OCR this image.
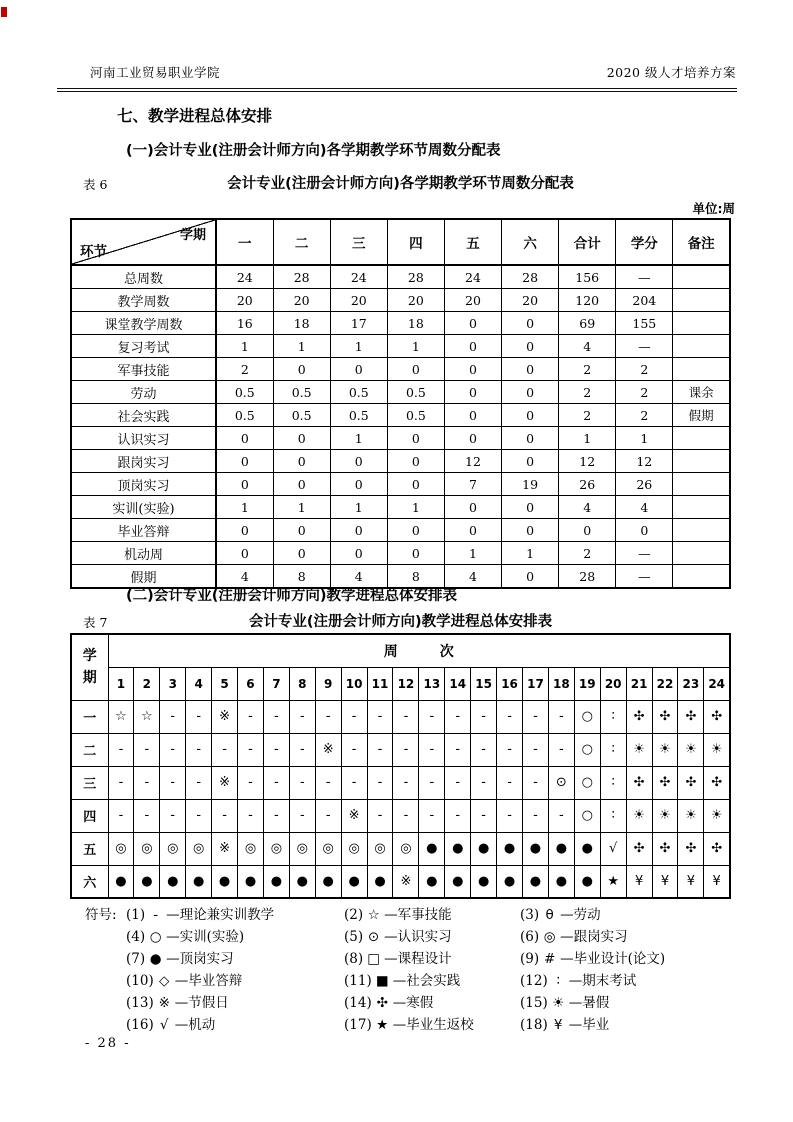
河南工业贸易职业学院	2020 级人才培养方案
七、教学进程总体安排
(一)会计专业(注册会计师方向)各学期教学环节周数分配表
表 6	会计专业(注册会计师方向)各学期教学环节周数分配表
单位:周
学期
环节	一	二	三	四	五	六	合计	学分	备注
总周数	24	28	24	28	24	28	156	—	
教学周数	20	20	20	20	20	20	120	204	
课堂教学周数	16	18	17	18	0	0	69	155	
复习考试	1	1	1	1	0	0	4	—	
军事技能	2	0	0	0	0	0	2	2	
劳动	0.5	0.5	0.5	0.5	0	0	2	2	课余
社会实践	0.5	0.5	0.5	0.5	0	0	2	2	假期
认识实习	0	0	1	0	0	0	1	1	
跟岗实习	0	0	0	0	12	0	12	12	
顶岗实习	0	0	0	0	7	19	26	26	
实训(实验)	1	1	1	1	0	0	4	4	
毕业答辩	0	0	0	0	0	0	0	0	
机动周	0	0	0	0	1	1	2	—	
假期	4	8	4	8	4	0	28	—	
(二)会计专业(注册会计师方向)教学进程总体安排表
表 7	会计专业(注册会计师方向)教学进程总体安排表
学期	周　　　次																							
	1	2	3	4	5	6	7	8	9	10	11	12	13	14	15	16	17	18	19	20	21	22	23	24
一	☆	☆	-	-	※	-	-	-	-	-	-	-	-	-	-	-	-	-	○	∶	✣	✣	✣	✣
二	-	-	-	-	-	-	-	-	※	-	-	-	-	-	-	-	-	-	○	∶	☀	☀	☀	☀
三	-	-	-	-	※	-	-	-	-	-	-	-	-	-	-	-	-	⊙	○	∶	✣	✣	✣	✣
四	-	-	-	-	-	-	-	-	-	※	-	-	-	-	-	-	-	-	○	∶	☀	☀	☀	☀
五	◎	◎	◎	◎	※	◎	◎	◎	◎	◎	◎	◎	●	●	●	●	●	●	●	√	✣	✣	✣	✣
六	●	●	●	●	●	●	●	●	●	●	●	※	●	●	●	●	●	●	●	★	¥	¥	¥	¥
符号: (1) - —理论兼实训教学	(2) ☆ —军事技能	(3) θ —劳动
(4) ○ —实训(实验)	(5) ⊙ —认识实习	(6) ◎ —跟岗实习
(7) ● —顶岗实习	(8) □ —课程设计	(9) # —毕业设计(论文)
(10) ◇ —毕业答辩	(11) ■ —社会实践	(12) ∶ —期末考试
(13) ※ —节假日	(14) ✣ —寒假	(15) ☀ —暑假
(16) √ —机动	(17) ★ —毕业生返校	(18) ¥ —毕业
- 28 -
